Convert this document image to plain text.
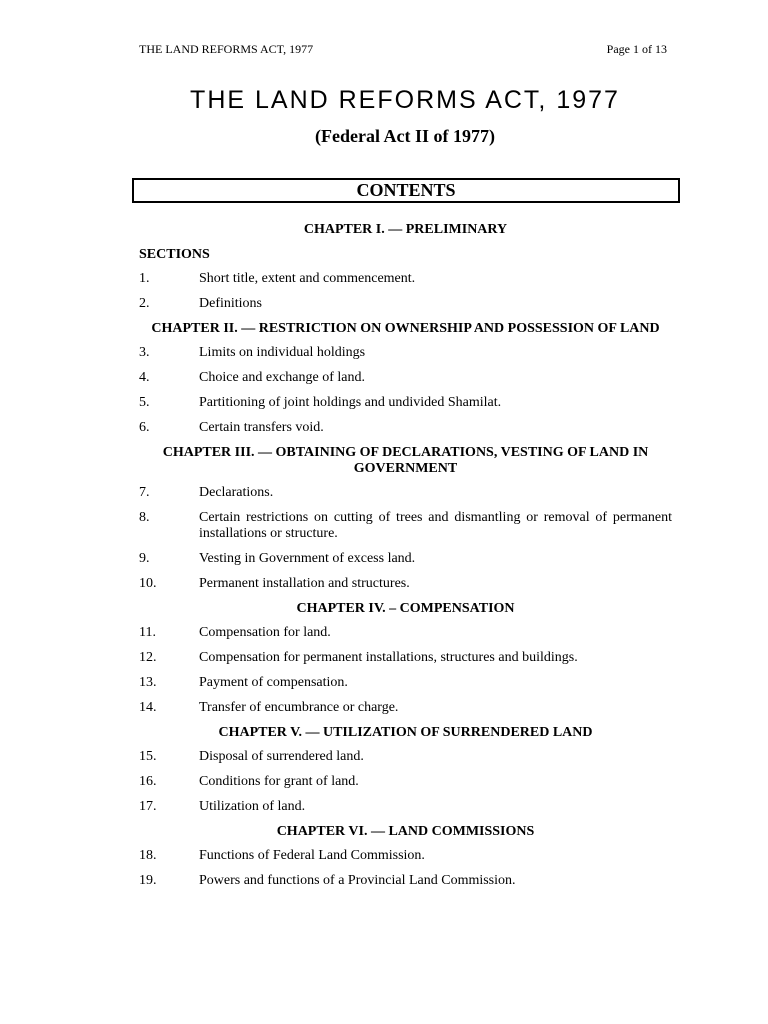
THE LAND REFORMS ACT, 1977	Page 1 of 13
THE LAND REFORMS ACT, 1977
(Federal Act II of 1977)
CONTENTS
CHAPTER I. — PRELIMINARY
SECTIONS
1.	Short title, extent and commencement.
2.	Definitions
CHAPTER II. — RESTRICTION ON OWNERSHIP AND POSSESSION OF LAND
3.	Limits on individual holdings
4.	Choice and exchange of land.
5.	Partitioning of joint holdings and undivided Shamilat.
6.	Certain transfers void.
CHAPTER III. — OBTAINING OF DECLARATIONS, VESTING OF LAND IN GOVERNMENT
7.	Declarations.
8.	Certain restrictions on cutting of trees and dismantling or removal of permanent installations or structure.
9.	Vesting in Government of excess land.
10.	Permanent installation and structures.
CHAPTER IV. – COMPENSATION
11.	Compensation for land.
12.	Compensation for permanent installations, structures and buildings.
13.	Payment of compensation.
14.	Transfer of encumbrance or charge.
CHAPTER V. — UTILIZATION OF SURRENDERED LAND
15.	Disposal of surrendered land.
16.	Conditions for grant of land.
17.	Utilization of land.
CHAPTER VI. — LAND COMMISSIONS
18.	Functions of Federal Land Commission.
19.	Powers and functions of a Provincial Land Commission.
